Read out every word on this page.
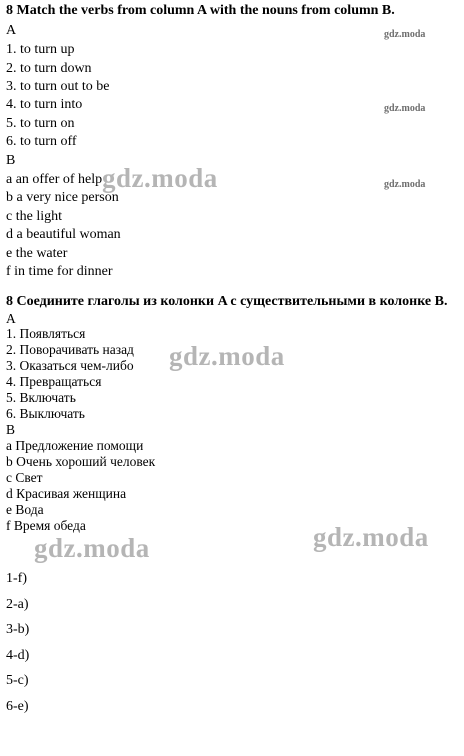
8 Match the verbs from column A with the nouns from column B.
A
1. to turn up
2. to turn down
3. to turn out to be
4. to turn into
5. to turn on
6. to turn off
B
a an offer of help
b a very nice person
c the light
d a beautiful woman
e the water
f in time for dinner
8 Соедините глаголы из колонки A с существительными в колонке B.
A
1. Появляться
2. Поворачивать назад
3. Оказаться чем-либо
4. Превращаться
5. Включать
6. Выключать
B
a Предложение помощи
b Очень хороший человек
c Свет
d Красивая женщина
e Вода
f Время обеда
1-f)
2-a)
3-b)
4-d)
5-c)
6-e)
gdz.moda
gdz.moda
gdz.moda
gdz.moda
gdz.moda
gdz.moda	gdz.moda
